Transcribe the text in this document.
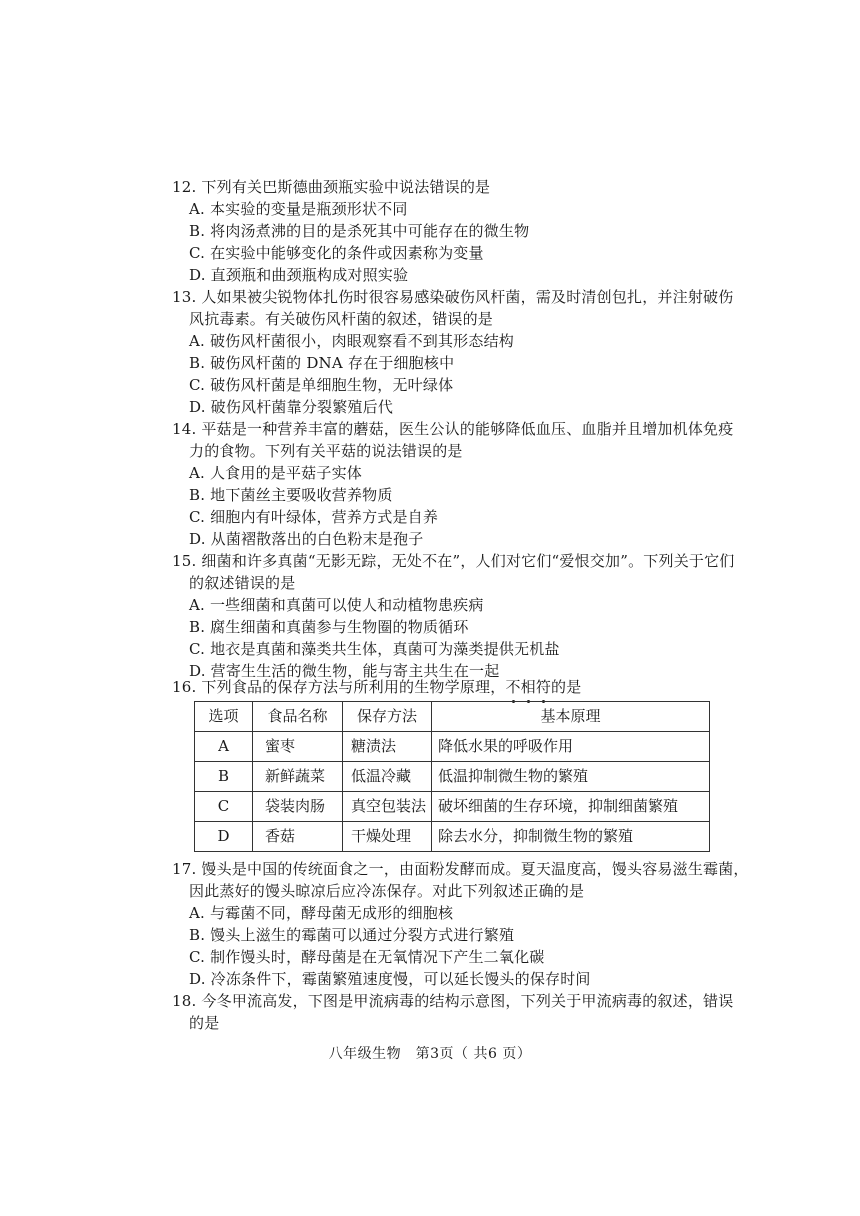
12. 下列有关巴斯德曲颈瓶实验中说法错误的是
A. 本实验的变量是瓶颈形状不同
B. 将肉汤煮沸的目的是杀死其中可能存在的微生物
C. 在实验中能够变化的条件或因素称为变量
D. 直颈瓶和曲颈瓶构成对照实验
13. 人如果被尖锐物体扎伤时很容易感染破伤风杆菌，需及时清创包扎，并注射破伤
风抗毒素。有关破伤风杆菌的叙述，错误的是
A. 破伤风杆菌很小，肉眼观察看不到其形态结构
B. 破伤风杆菌的 DNA 存在于细胞核中
C. 破伤风杆菌是单细胞生物，无叶绿体
D. 破伤风杆菌靠分裂繁殖后代
14. 平菇是一种营养丰富的蘑菇，医生公认的能够降低血压、血脂并且增加机体免疫
力的食物。下列有关平菇的说法错误的是
A. 人食用的是平菇子实体
B. 地下菌丝主要吸收营养物质
C. 细胞内有叶绿体，营养方式是自养
D. 从菌褶散落出的白色粉末是孢子
15. 细菌和许多真菌“无影无踪，无处不在”，人们对它们“爱恨交加”。下列关于它们
的叙述错误的是
A. 一些细菌和真菌可以使人和动植物患疾病
B. 腐生细菌和真菌参与生物圈的物质循环
C. 地衣是真菌和藻类共生体，真菌可为藻类提供无机盐
D. 营寄生生活的微生物，能与寄主共生在一起
16. 下列食品的保存方法与所利用的生物学原理，不相符的是
选项	食品名称	保存方法	基本原理
A	蜜枣	糖渍法	降低水果的呼吸作用
B	新鲜蔬菜	低温冷藏	低温抑制微生物的繁殖
C	袋装肉肠	真空包装法	破坏细菌的生存环境，抑制细菌繁殖
D	香菇	干燥处理	除去水分，抑制微生物的繁殖
17. 馒头是中国的传统面食之一，由面粉发酵而成。夏天温度高，馒头容易滋生霉菌，
因此蒸好的馒头晾凉后应冷冻保存。对此下列叙述正确的是
A. 与霉菌不同，酵母菌无成形的细胞核
B. 馒头上滋生的霉菌可以通过分裂方式进行繁殖
C. 制作馒头时，酵母菌是在无氧情况下产生二氧化碳
D. 冷冻条件下，霉菌繁殖速度慢，可以延长馒头的保存时间
18. 今冬甲流高发，下图是甲流病毒的结构示意图，下列关于甲流病毒的叙述，错误
的是
八年级生物　第3页（ 共6 页）
